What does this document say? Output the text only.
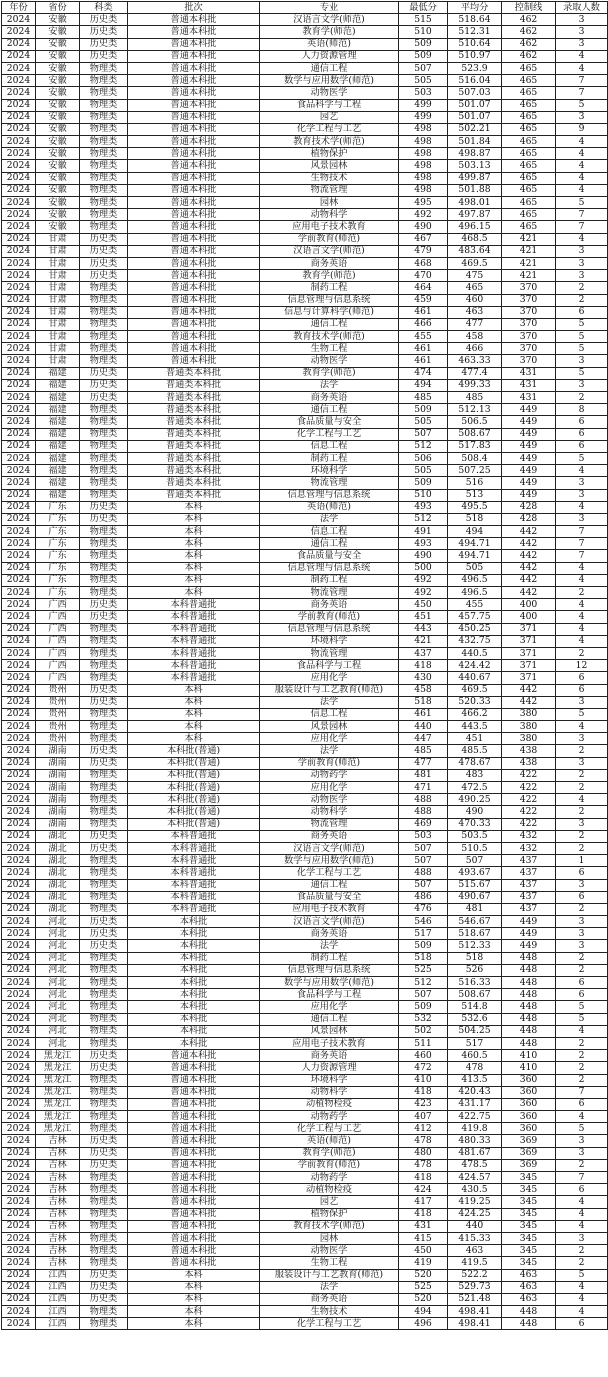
年份	省份	科类	批次	专业	最低分	平均分	控制线	录取人数
2024	安徽	历史类	普通本科批	汉语言文学(师范)	515	518.64	462	3
2024	安徽	历史类	普通本科批	教育学(师范)	510	512.31	462	3
2024	安徽	历史类	普通本科批	英语(师范)	509	510.64	462	3
2024	安徽	历史类	普通本科批	人力资源管理	509	510.97	462	4
2024	安徽	物理类	普通本科批	通信工程	507	523.9	465	4
2024	安徽	物理类	普通本科批	数学与应用数学(师范)	505	516.04	465	7
2024	安徽	物理类	普通本科批	动物医学	503	507.03	465	7
2024	安徽	物理类	普通本科批	食品科学与工程	499	501.07	465	5
2024	安徽	物理类	普通本科批	园艺	499	501.07	465	3
2024	安徽	物理类	普通本科批	化学工程与工艺	498	502.21	465	9
2024	安徽	物理类	普通本科批	教育技术学(师范)	498	501.84	465	4
2024	安徽	物理类	普通本科批	植物保护	498	498.87	465	4
2024	安徽	物理类	普通本科批	风景园林	498	503.13	465	4
2024	安徽	物理类	普通本科批	生物技术	498	499.87	465	4
2024	安徽	物理类	普通本科批	物流管理	498	501.88	465	4
2024	安徽	物理类	普通本科批	园林	495	498.01	465	5
2024	安徽	物理类	普通本科批	动物科学	492	497.87	465	7
2024	安徽	物理类	普通本科批	应用电子技术教育	490	496.15	465	7
2024	甘肃	历史类	普通本科批	学前教育(师范)	467	468.5	421	4
2024	甘肃	历史类	普通本科批	汉语言文学(师范)	479	483.64	421	3
2024	甘肃	历史类	普通本科批	商务英语	468	469.5	421	3
2024	甘肃	历史类	普通本科批	教育学(师范)	470	475	421	3
2024	甘肃	物理类	普通本科批	制药工程	464	465	370	2
2024	甘肃	物理类	普通本科批	信息管理与信息系统	459	460	370	2
2024	甘肃	物理类	普通本科批	信息与计算科学(师范)	461	463	370	6
2024	甘肃	物理类	普通本科批	通信工程	466	477	370	5
2024	甘肃	物理类	普通本科批	教育技术学(师范)	455	458	370	5
2024	甘肃	物理类	普通本科批	生物工程	461	466	370	5
2024	甘肃	物理类	普通本科批	动物医学	461	463.33	370	3
2024	福建	历史类	普通类本科批	教育学(师范)	474	477.4	431	5
2024	福建	历史类	普通类本科批	法学	494	499.33	431	3
2024	福建	历史类	普通类本科批	商务英语	485	485	431	2
2024	福建	物理类	普通类本科批	通信工程	509	512.13	449	8
2024	福建	物理类	普通类本科批	食品质量与安全	505	506.5	449	6
2024	福建	物理类	普通类本科批	化学工程与工艺	507	508.67	449	6
2024	福建	物理类	普通类本科批	信息工程	512	517.83	449	6
2024	福建	物理类	普通类本科批	制药工程	506	508.4	449	5
2024	福建	物理类	普通类本科批	环境科学	505	507.25	449	4
2024	福建	物理类	普通类本科批	物流管理	509	516	449	3
2024	福建	物理类	普通类本科批	信息管理与信息系统	510	513	449	3
2024	广东	历史类	本科	英语(师范)	493	495.5	428	4
2024	广东	历史类	本科	法学	512	518	428	3
2024	广东	物理类	本科	信息工程	491	494	442	7
2024	广东	物理类	本科	通信工程	493	494.71	442	7
2024	广东	物理类	本科	食品质量与安全	490	494.71	442	7
2024	广东	物理类	本科	信息管理与信息系统	500	505	442	4
2024	广东	物理类	本科	制药工程	492	496.5	442	4
2024	广东	物理类	本科	物流管理	492	496.5	442	2
2024	广西	历史类	本科普通批	商务英语	450	455	400	4
2024	广西	历史类	本科普通批	学前教育(师范)	451	457.75	400	4
2024	广西	物理类	本科普通批	信息管理与信息系统	443	450.25	371	4
2024	广西	物理类	本科普通批	环境科学	421	432.75	371	4
2024	广西	物理类	本科普通批	物流管理	437	440.5	371	2
2024	广西	物理类	本科普通批	食品科学与工程	418	424.42	371	12
2024	广西	物理类	本科普通批	应用化学	430	440.67	371	6
2024	贵州	历史类	本科	服装设计与工艺教育(师范)	458	469.5	442	6
2024	贵州	历史类	本科	法学	518	520.33	442	3
2024	贵州	物理类	本科	信息工程	461	466.2	380	5
2024	贵州	物理类	本科	风景园林	440	443.5	380	4
2024	贵州	物理类	本科	应用化学	447	451	380	3
2024	湖南	历史类	本科批(普通)	法学	485	485.5	438	2
2024	湖南	历史类	本科批(普通)	学前教育(师范)	477	478.67	438	3
2024	湖南	物理类	本科批(普通)	动物药学	481	483	422	2
2024	湖南	物理类	本科批(普通)	应用化学	471	472.5	422	2
2024	湖南	物理类	本科批(普通)	动物医学	488	490.25	422	4
2024	湖南	物理类	本科批(普通)	动物科学	488	490	422	2
2024	湖南	物理类	本科批(普通)	物流管理	469	470.33	422	3
2024	湖北	历史类	本科普通批	商务英语	503	503.5	432	2
2024	湖北	历史类	本科普通批	汉语言文学(师范)	507	510.5	432	2
2024	湖北	物理类	本科普通批	数学与应用数学(师范)	507	507	437	1
2024	湖北	物理类	本科普通批	化学工程与工艺	488	493.67	437	6
2024	湖北	物理类	本科普通批	通信工程	507	515.67	437	3
2024	湖北	物理类	本科普通批	食品质量与安全	486	490.67	437	6
2024	湖北	物理类	本科普通批	应用电子技术教育	476	481	437	2
2024	河北	历史类	本科批	汉语言文学(师范)	546	546.67	449	3
2024	河北	历史类	本科批	商务英语	517	518.67	449	3
2024	河北	历史类	本科批	法学	509	512.33	449	3
2024	河北	物理类	本科批	制药工程	518	518	448	2
2024	河北	物理类	本科批	信息管理与信息系统	525	526	448	2
2024	河北	物理类	本科批	数学与应用数学(师范)	512	516.33	448	6
2024	河北	物理类	本科批	食品科学与工程	507	508.67	448	6
2024	河北	物理类	本科批	应用化学	509	514.8	448	5
2024	河北	物理类	本科批	通信工程	532	532.6	448	5
2024	河北	物理类	本科批	风景园林	502	504.25	448	4
2024	河北	物理类	本科批	应用电子技术教育	511	517	448	2
2024	黑龙江	历史类	普通本科批	商务英语	460	460.5	410	2
2024	黑龙江	历史类	普通本科批	人力资源管理	472	478	410	2
2024	黑龙江	物理类	普通本科批	环境科学	410	413.5	360	2
2024	黑龙江	物理类	普通本科批	动物科学	418	420.43	360	7
2024	黑龙江	物理类	普通本科批	动植物检疫	423	431.17	360	6
2024	黑龙江	物理类	普通本科批	动物药学	407	422.75	360	4
2024	黑龙江	物理类	普通本科批	化学工程与工艺	412	419.8	360	5
2024	吉林	历史类	普通本科批	英语(师范)	478	480.33	369	3
2024	吉林	历史类	普通本科批	教育学(师范)	480	481.67	369	3
2024	吉林	历史类	普通本科批	学前教育(师范)	478	478.5	369	2
2024	吉林	物理类	普通本科批	动物药学	418	424.57	345	7
2024	吉林	物理类	普通本科批	动植物检疫	424	430.5	345	6
2024	吉林	物理类	普通本科批	园艺	417	419.25	345	4
2024	吉林	物理类	普通本科批	植物保护	418	424.25	345	4
2024	吉林	物理类	普通本科批	教育技术学(师范)	431	440	345	4
2024	吉林	物理类	普通本科批	园林	415	415.33	345	3
2024	吉林	物理类	普通本科批	动物医学	450	463	345	2
2024	吉林	物理类	普通本科批	生物工程	419	419.5	345	2
2024	江西	历史类	本科	服装设计与工艺教育(师范)	520	522.2	463	5
2024	江西	历史类	本科	法学	525	529.73	463	4
2024	江西	历史类	本科	商务英语	520	521.48	463	4
2024	江西	物理类	本科	生物技术	494	498.41	448	4
2024	江西	物理类	本科	化学工程与工艺	496	498.41	448	6
